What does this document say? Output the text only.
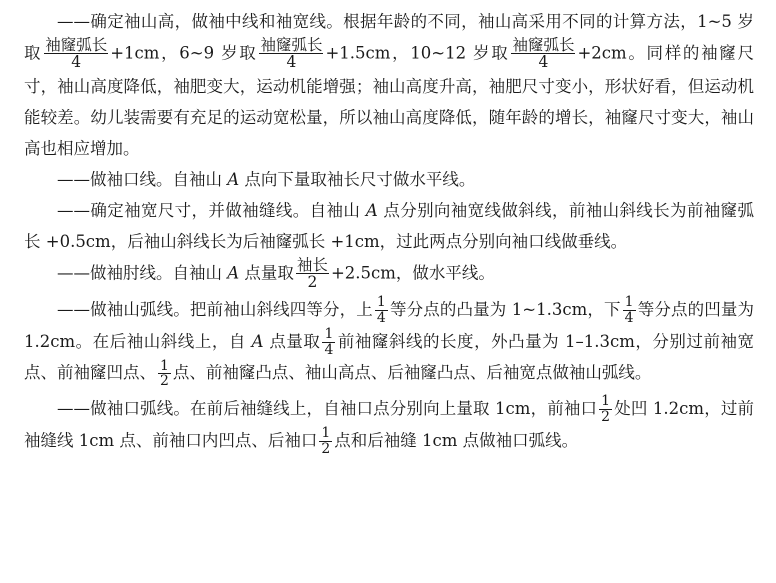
——确定袖山高，做袖中线和袖宽线。根据年龄的不同，袖山高采用不同的计算方法，1~5 岁取 $\frac{\text{袖窿弧长}}{4} +1cm$，6~9 岁取 $\frac{\text{袖窿弧长}}{4} +1.5cm$，10~12 岁取 $\frac{\text{袖窿弧长}}{4} +2cm$。同样的袖窿尺寸，袖山高度降低，袖肥变大，运动机能增强；袖山高度升高，袖肥尺寸变小，形状好看，但运动机能较差。幼儿装需要有充足的运动宽松量，所以袖山高度降低，随年龄的增长，袖窿尺寸变大，袖山高也相应增加。

——做袖口线。自袖山 A 点向下量取袖长尺寸做水平线。

——确定袖宽尺寸，并做袖缝线。自袖山 A 点分别向袖宽线做斜线，前袖山斜线长为前袖窿弧长 +0.5cm，后袖山斜线长为后袖窿弧长 +1cm，过此两点分别向袖口线做垂线。

——做袖肘线。自袖山 A 点量取 $\frac{\text{袖长}}{2} +2.5cm$，做水平线。

——做袖山弧线。把前袖山斜线四等分，上 $\frac{1}{4}$ 等分点的凸量为 1~1.3cm，下 $\frac{1}{4}$ 等分点的凹量为 1.2cm。在后袖山斜线上，自 A 点量取 $\frac{1}{4}$ 前袖窿斜线的长度，外凸量为 1–1.3cm，分别过前袖宽点、前袖窿凹点、 $\frac{1}{2}$ 点、前袖窿凸点、袖山高点、后袖窿凸点、后袖宽点做袖山弧线。

——做袖口弧线。在前后袖缝线上，自袖口点分别向上量取 1cm，前袖口 $\frac{1}{2}$ 处凹 1.2cm，过前袖缝线 1cm 点、前袖口内凹点、后袖口 $\frac{1}{2}$ 点和后袖缝 1cm 点做袖口弧线。
